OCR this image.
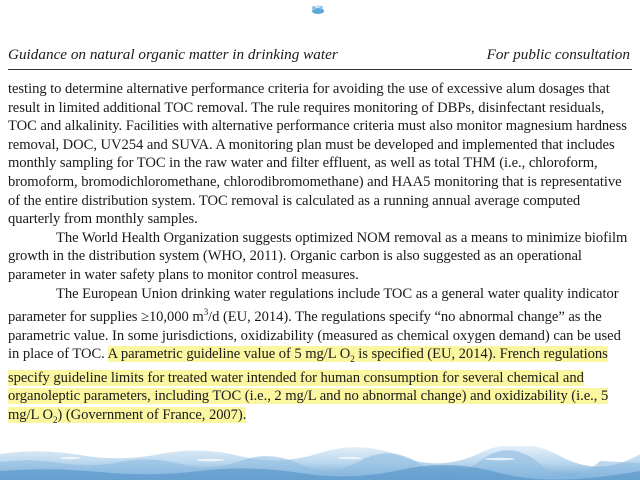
Guidance on natural organic matter in drinking water	For public consultation

testing to determine alternative performance criteria for avoiding the use of excessive alum dosages that result in limited additional TOC removal. The rule requires monitoring of DBPs, disinfectant residuals, TOC and alkalinity. Facilities with alternative performance criteria must also monitor magnesium hardness removal, DOC, UV254 and SUVA. A monitoring plan must be developed and implemented that includes monthly sampling for TOC in the raw water and filter effluent, as well as total THM (i.e., chloroform, bromoform, bromodichloromethane, chlorodibromomethane) and HAA5 monitoring that is representative of the entire distribution system. TOC removal is calculated as a running annual average computed quarterly from monthly samples.

The World Health Organization suggests optimized NOM removal as a means to minimize biofilm growth in the distribution system (WHO, 2011). Organic carbon is also suggested as an operational parameter in water safety plans to monitor control measures.

The European Union drinking water regulations include TOC as a general water quality indicator parameter for supplies ≥10,000 $m^3/d$ (EU, 2014). The regulations specify “no abnormal change” as the parametric value. In some jurisdictions, oxidizability (measured as chemical oxygen demand) can be used in place of TOC. A parametric guideline value of 5 mg/L $O_2$ is specified (EU, 2014). French regulations specify guideline limits for treated water intended for human consumption for several chemical and organoleptic parameters, including TOC (i.e., 2 mg/L and no abnormal change) and oxidizability (i.e., 5 mg/L $O_2$) (Government of France, 2007).
